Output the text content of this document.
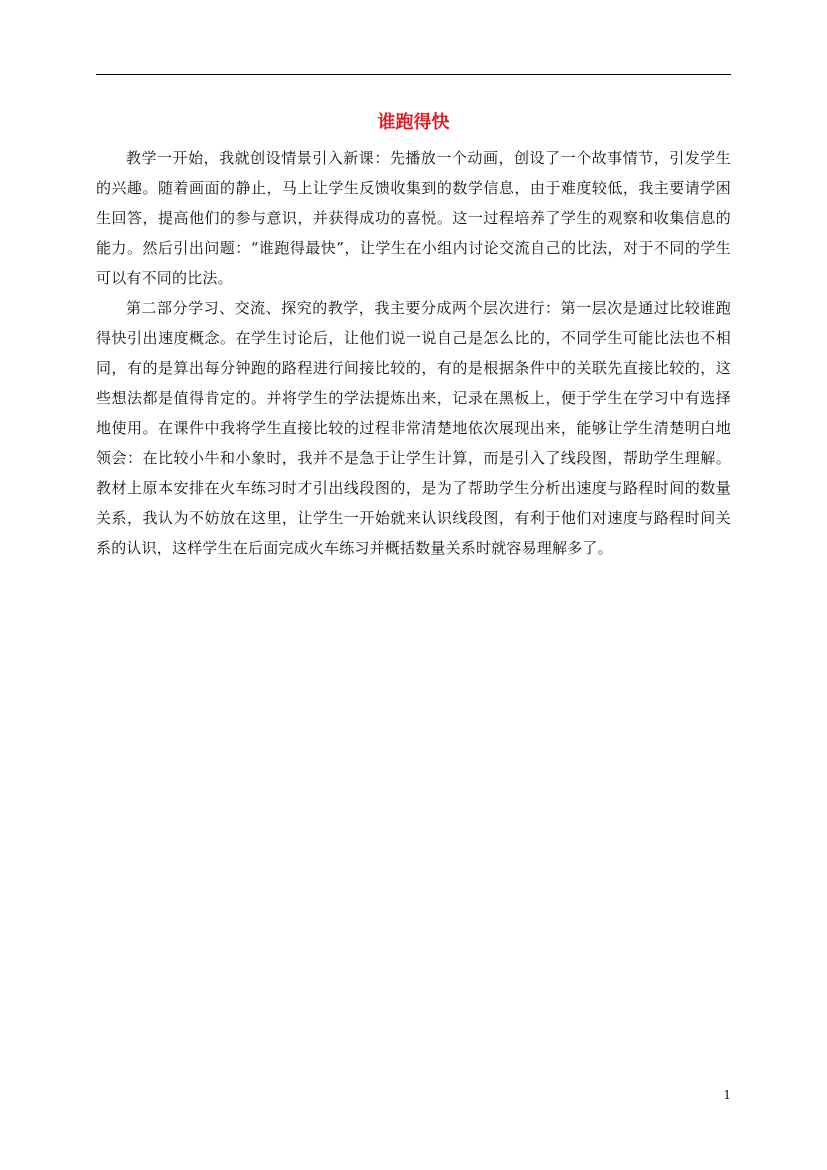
谁跑得快

教学一开始，我就创设情景引入新课：先播放一个动画，创设了一个故事情节，引发学生的兴趣。随着画面的静止，马上让学生反馈收集到的数学信息，由于难度较低，我主要请学困生回答，提高他们的参与意识，并获得成功的喜悦。这一过程培养了学生的观察和收集信息的能力。然后引出问题：“谁跑得最快”，让学生在小组内讨论交流自己的比法，对于不同的学生可以有不同的比法。

第二部分学习、交流、探究的教学，我主要分成两个层次进行：第一层次是通过比较谁跑得快引出速度概念。在学生讨论后，让他们说一说自己是怎么比的，不同学生可能比法也不相同，有的是算出每分钟跑的路程进行间接比较的，有的是根据条件中的关联先直接比较的，这些想法都是值得肯定的。并将学生的学法提炼出来，记录在黑板上，便于学生在学习中有选择地使用。在课件中我将学生直接比较的过程非常清楚地依次展现出来，能够让学生清楚明白地领会：在比较小牛和小象时，我并不是急于让学生计算，而是引入了线段图，帮助学生理解。教材上原本安排在火车练习时才引出线段图的，是为了帮助学生分析出速度与路程时间的数量关系，我认为不妨放在这里，让学生一开始就来认识线段图，有利于他们对速度与路程时间关系的认识，这样学生在后面完成火车练习并概括数量关系时就容易理解多了。

1
